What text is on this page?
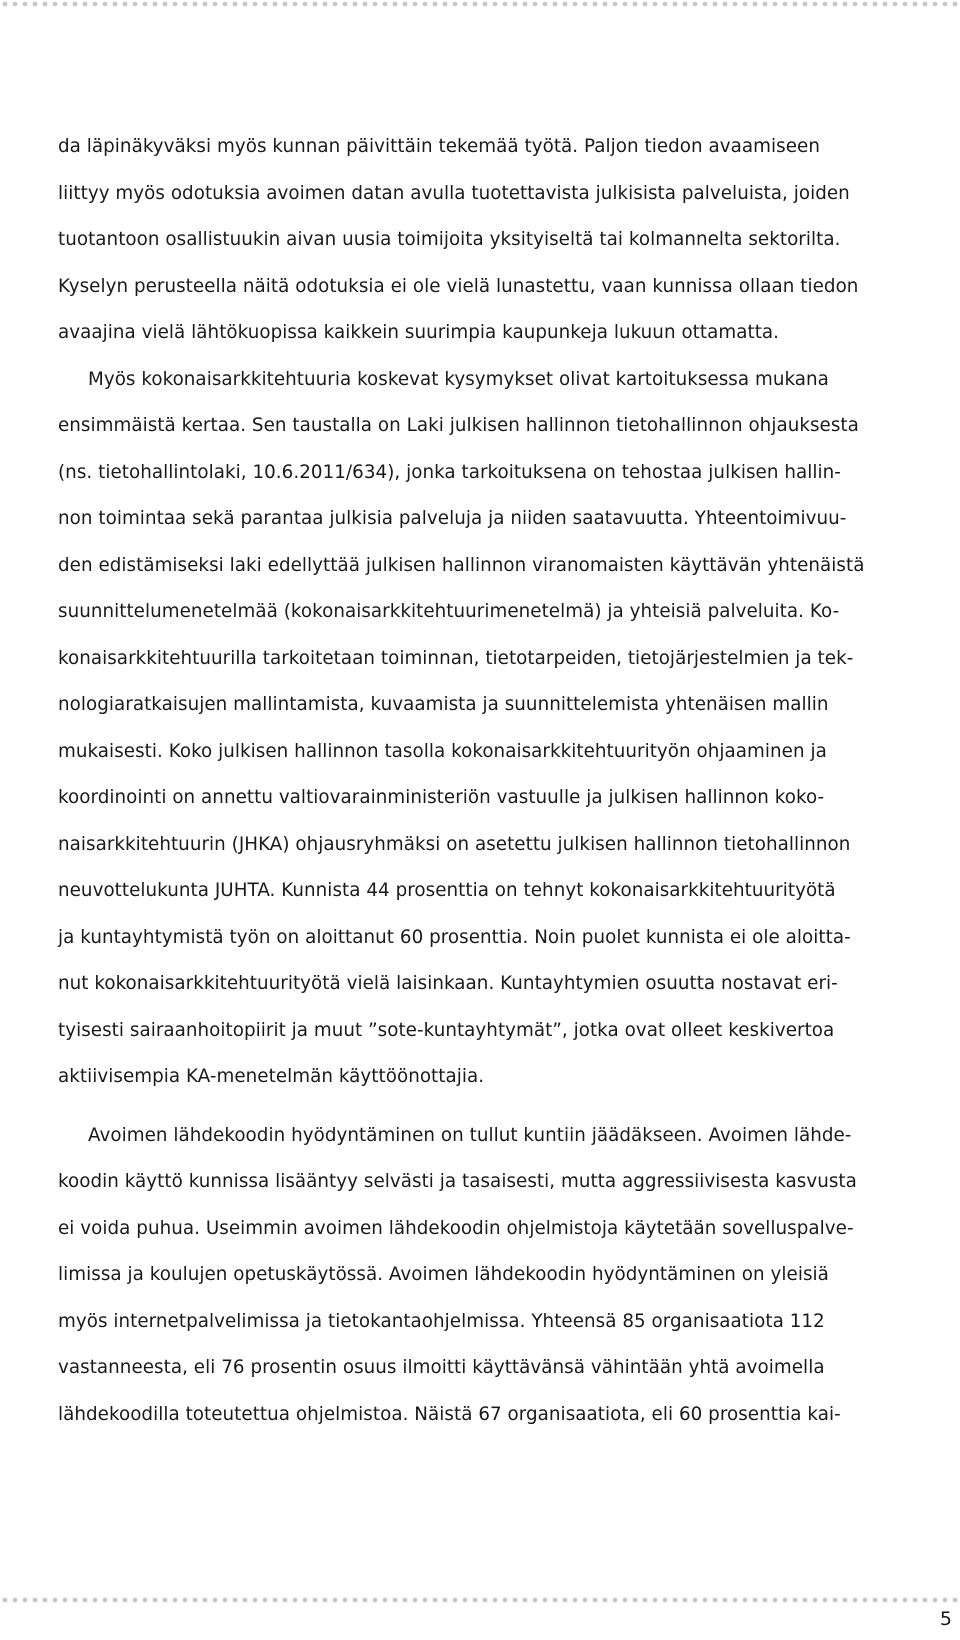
da läpinäkyväksi myös kunnan päivittäin tekemää työtä. Paljon tiedon avaamiseen
liittyy myös odotuksia avoimen datan avulla tuotettavista julkisista palveluista, joiden
tuotantoon osallistuukin aivan uusia toimijoita yksityiseltä tai kolmannelta sektorilta.
Kyselyn perusteella näitä odotuksia ei ole vielä lunastettu, vaan kunnissa ollaan tiedon
avaajina vielä lähtökuopissa kaikkein suurimpia kaupunkeja lukuun ottamatta.
Myös kokonaisarkkitehtuuria koskevat kysymykset olivat kartoituksessa mukana
ensimmäistä kertaa. Sen taustalla on Laki julkisen hallinnon tietohallinnon ohjauksesta
(ns. tietohallintolaki, 10.6.2011/634), jonka tarkoituksena on tehostaa julkisen hallin-
non toimintaa sekä parantaa julkisia palveluja ja niiden saatavuutta. Yhteentoimivuu-
den edistämiseksi laki edellyttää julkisen hallinnon viranomaisten käyttävän yhtenäistä
suunnittelumenetelmää (kokonaisarkkitehtuurimenetelmä) ja yhteisiä palveluita. Ko-
konaisarkkitehtuurilla tarkoitetaan toiminnan, tietotarpeiden, tietojärjestelmien ja tek-
nologiaratkaisujen mallintamista, kuvaamista ja suunnittelemista yhtenäisen mallin
mukaisesti. Koko julkisen hallinnon tasolla kokonaisarkkitehtuurityön ohjaaminen ja
koordinointi on annettu valtiovarainministeriön vastuulle ja julkisen hallinnon koko-
naisarkkitehtuurin (JHKA) ohjausryhmäksi on asetettu julkisen hallinnon tietohallinnon
neuvottelukunta JUHTA. Kunnista 44 prosenttia on tehnyt kokonaisarkkitehtuurityötä
ja kuntayhtymistä työn on aloittanut 60 prosenttia. Noin puolet kunnista ei ole aloitta-
nut kokonaisarkkitehtuurityötä vielä laisinkaan. Kuntayhtymien osuutta nostavat eri-
tyisesti sairaanhoitopiirit ja muut ”sote-kuntayhtymät”, jotka ovat olleet keskivertoa
aktiivisempia KA-menetelmän käyttöönottajia.
Avoimen lähdekoodin hyödyntäminen on tullut kuntiin jäädäkseen. Avoimen lähde-
koodin käyttö kunnissa lisääntyy selvästi ja tasaisesti, mutta aggressiivisesta kasvusta
ei voida puhua. Useimmin avoimen lähdekoodin ohjelmistoja käytetään sovelluspalve-
limissa ja koulujen opetuskäytössä. Avoimen lähdekoodin hyödyntäminen on yleisiä
myös internetpalvelimissa ja tietokantaohjelmissa. Yhteensä 85 organisaatiota 112
vastanneesta, eli 76 prosentin osuus ilmoitti käyttävänsä vähintään yhtä avoimella
lähdekoodilla toteutettua ohjelmistoa. Näistä 67 organisaatiota, eli 60 prosenttia kai-
5
